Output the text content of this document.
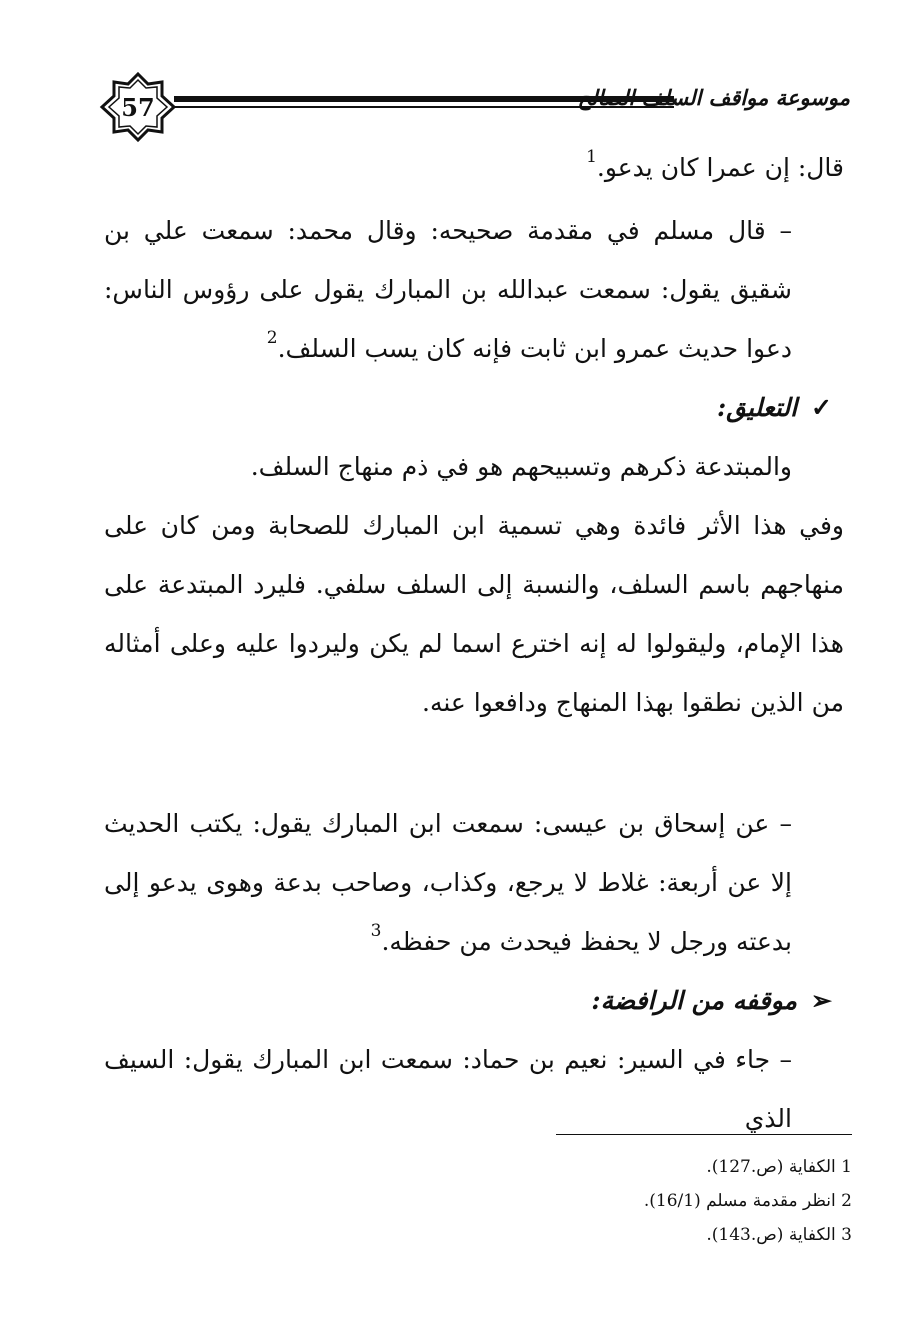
57	موسوعة مواقف السلف الصالح

قال: إن عمرا كان يدعو.$^1$

– قال مسلم في مقدمة صحيحه: وقال محمد: سمعت علي بن شقيق يقول: سمعت عبدالله بن المبارك يقول على رؤوس الناس: دعوا حديث عمرو ابن ثابت فإنه كان يسب السلف.$^2$

✓التعليق:

والمبتدعة ذكرهم وتسبيحهم هو في ذم منهاج السلف.

وفي هذا الأثر فائدة وهي تسمية ابن المبارك للصحابة ومن كان على منهاجهم باسم السلف، والنسبة إلى السلف سلفي. فليرد المبتدعة على هذا الإمام، وليقولوا له إنه اخترع اسما لم يكن وليردوا عليه وعلى أمثاله من الذين نطقوا بهذا المنهاج ودافعوا عنه.

– عن إسحاق بن عيسى: سمعت ابن المبارك يقول: يكتب الحديث إلا عن أربعة: غلاط لا يرجع، وكذاب، وصاحب بدعة وهوى يدعو إلى بدعته ورجل لا يحفظ فيحدث من حفظه.$^3$

➢موقفه من الرافضة:

– جاء في السير: نعيم بن حماد: سمعت ابن المبارك يقول: السيف الذي

1 الكفاية (ص.127).
2 انظر مقدمة مسلم (16/1).
3 الكفاية (ص.143).
